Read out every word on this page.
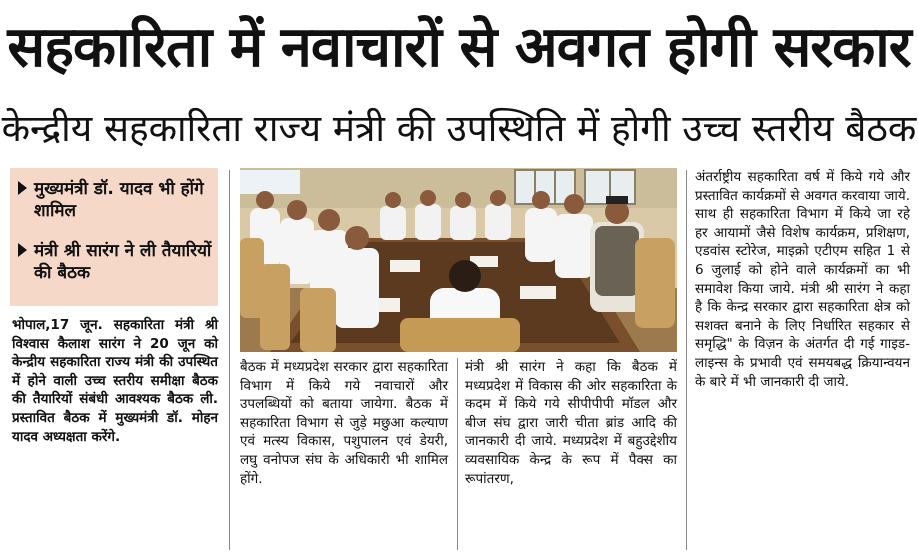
सहकारिता में नवाचारों से अवगत होगी सरकार
केन्द्रीय सहकारिता राज्य मंत्री की उपस्थिति में होगी उच्च स्तरीय बैठक
मुख्यमंत्री डॉ. यादव भी होंगे शामिल
मंत्री श्री सारंग ने ली तैयारियों की बैठक
भोपाल,17 जून. सहकारिता मंत्री श्री विश्वास कैलाश सारंग ने 20 जून को केन्द्रीय सहकारिता राज्य मंत्री की उपस्थित में होने वाली उच्च स्तरीय समीक्षा बैठक की तैयारियों संबंधी आवश्यक बैठक ली. प्रस्तावित बैठक में मुख्यमंत्री डॉ. मोहन यादव अध्यक्षता करेंगे.
बैठक में मध्यप्रदेश सरकार द्वारा सहकारिता विभाग में किये गये नवाचारों और उपलब्धियों को बताया जायेगा. बैठक में सहकारिता विभाग से जुड़े मछुआ कल्याण एवं मत्स्य विकास, पशुपालन एवं डेयरी, लघु वनोपज संघ के अधिकारी भी शामिल होंगे.
मंत्री श्री सारंग ने कहा कि बैठक में मध्यप्रदेश में विकास की ओर सहकारिता के कदम में किये गये सीपीपीपी मॉडल और बीज संघ द्वारा जारी चीता ब्रांड आदि की जानकारी दी जाये. मध्यप्रदेश में बहुउद्देशीय व्यवसायिक केन्द्र के रूप में पैक्स का रूपांतरण,
अंतर्राष्ट्रीय सहकारिता वर्ष में किये गये और प्रस्तावित कार्यक्रमों से अवगत करवाया जाये. साथ ही सहकारिता विभाग में किये जा रहे हर आयामों जैसे विशेष कार्यक्रम, प्रशिक्षण, एडवांस स्टोरेज, माइक्रो एटीएम सहित 1 से 6 जुलाई को होने वाले कार्यक्रमों का भी समावेश किया जाये. मंत्री श्री सारंग ने कहा है कि केन्द्र सरकार द्वारा सहकारिता क्षेत्र को सशक्त बनाने के लिए निर्धारित सहकार से समृद्धि" के विज़न के अंतर्गत दी गई गाइड-लाइन्स के प्रभावी एवं समयबद्ध क्रियान्वयन के बारे में भी जानकारी दी जाये.
